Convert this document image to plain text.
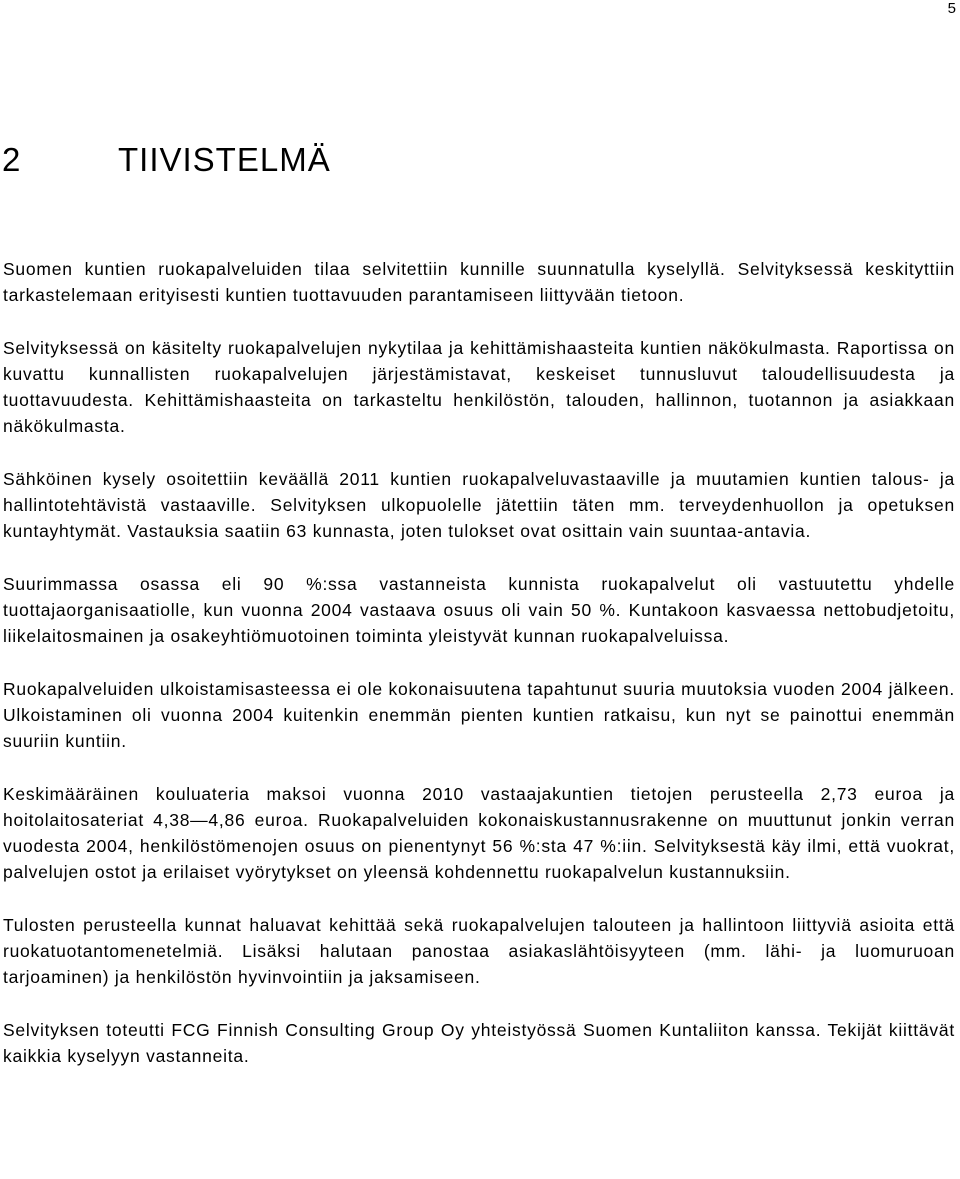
5
2	TIIVISTELMÄ

Suomen kuntien ruokapalveluiden tilaa selvitettiin kunnille suunnatulla kyselyllä. Selvityksessä keskityttiin tarkastelemaan erityisesti kuntien tuottavuuden parantamiseen liittyvään tietoon.

Selvityksessä on käsitelty ruokapalvelujen nykytilaa ja kehittämishaasteita kuntien näkökulmasta. Raportissa on kuvattu kunnallisten ruokapalvelujen järjestämistavat, keskeiset tunnusluvut taloudellisuudesta ja tuottavuudesta. Kehittämishaasteita on tarkasteltu henkilöstön, talouden, hallinnon, tuotannon ja asiakkaan näkökulmasta.

Sähköinen kysely osoitettiin keväällä 2011 kuntien ruokapalveluvastaaville ja muutamien kuntien talous- ja hallintotehtävistä vastaaville. Selvityksen ulkopuolelle jätettiin täten mm. terveydenhuollon ja opetuksen kuntayhtymät. Vastauksia saatiin 63 kunnasta, joten tulokset ovat osittain vain suuntaa-antavia.

Suurimmassa osassa eli 90 %:ssa vastanneista kunnista ruokapalvelut oli vastuutettu yhdelle tuottajaorganisaatiolle, kun vuonna 2004 vastaava osuus oli vain 50 %. Kuntakoon kasvaessa nettobudjetoitu, liikelaitosmainen ja osakeyhtiömuotoinen toiminta yleistyvät kunnan ruokapalveluissa.

Ruokapalveluiden ulkoistamisasteessa ei ole kokonaisuutena tapahtunut suuria muutoksia vuoden 2004 jälkeen. Ulkoistaminen oli vuonna 2004 kuitenkin enemmän pienten kuntien ratkaisu, kun nyt se painottui enemmän suuriin kuntiin.

Keskimääräinen kouluateria maksoi vuonna 2010 vastaajakuntien tietojen perusteella 2,73 euroa ja hoitolaitosateriat 4,38—4,86 euroa. Ruokapalveluiden kokonaiskustannusrakenne on muuttunut jonkin verran vuodesta 2004, henkilöstömenojen osuus on pienentynyt 56 %:sta 47 %:iin. Selvityksestä käy ilmi, että vuokrat, palvelujen ostot ja erilaiset vyörytykset on yleensä kohdennettu ruokapalvelun kustannuksiin.

Tulosten perusteella kunnat haluavat kehittää sekä ruokapalvelujen talouteen ja hallintoon liittyviä asioita että ruokatuotantomenetelmiä. Lisäksi halutaan panostaa asiakaslähtöisyyteen (mm. lähi- ja luomuruoan tarjoaminen) ja henkilöstön hyvinvointiin ja jaksamiseen.

Selvityksen toteutti FCG Finnish Consulting Group Oy yhteistyössä Suomen Kuntaliiton kanssa. Tekijät kiittävät kaikkia kyselyyn vastanneita.
